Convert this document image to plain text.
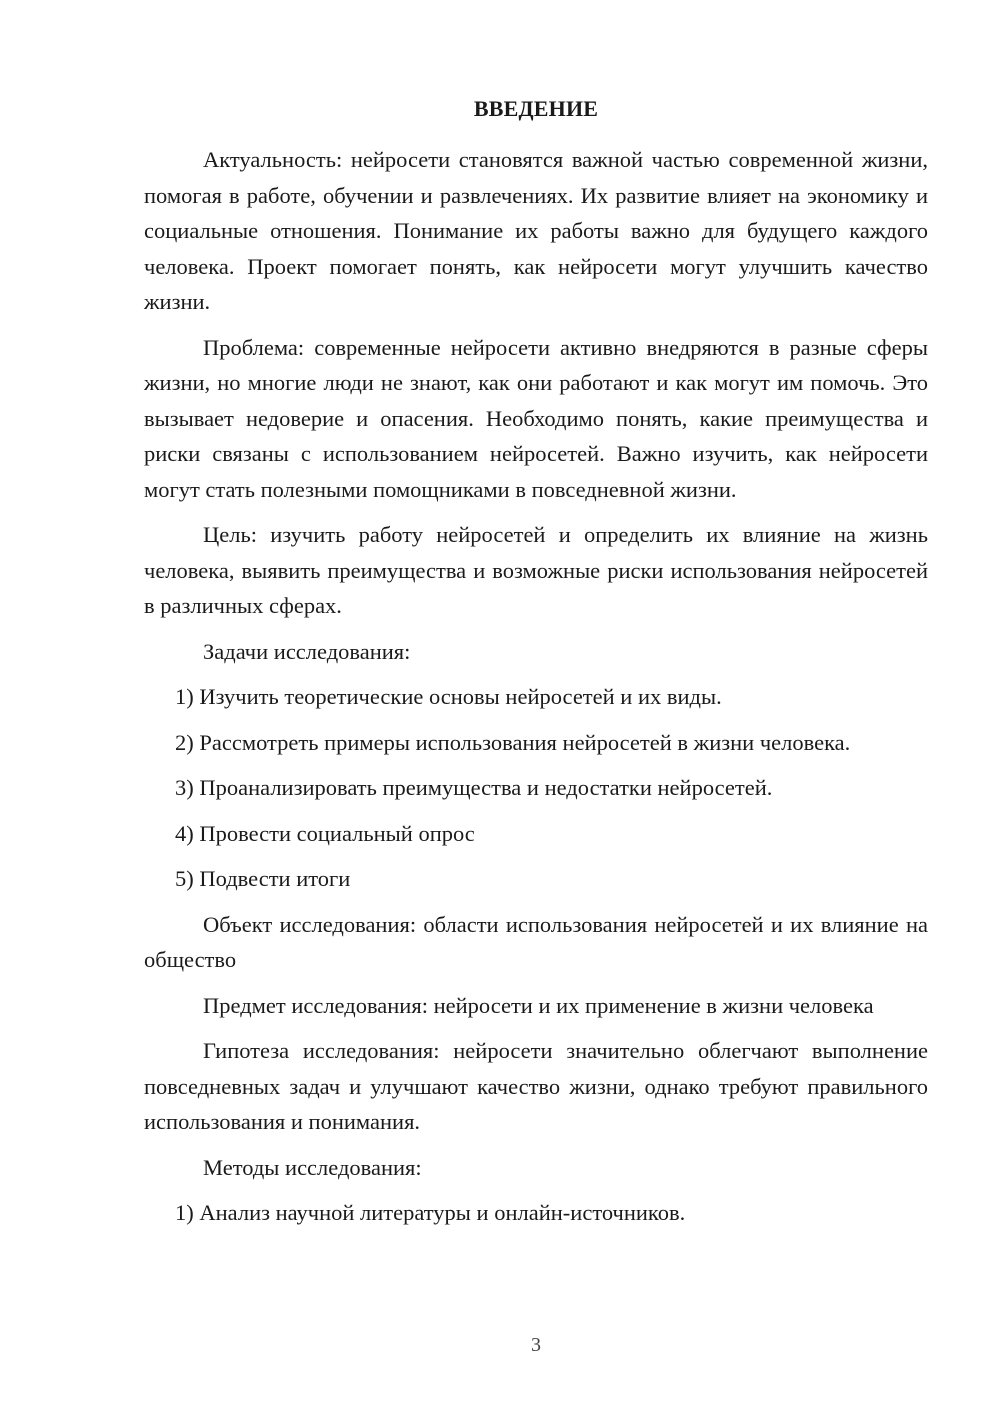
ВВЕДЕНИЕ

Актуальность: нейросети становятся важной частью современной жизни, помогая в работе, обучении и развлечениях. Их развитие влияет на экономику и социальные отношения. Понимание их работы важно для будущего каждого человека. Проект помогает понять, как нейросети могут улучшить качество жизни.

Проблема: современные нейросети активно внедряются в разные сферы жизни, но многие люди не знают, как они работают и как могут им помочь. Это вызывает недоверие и опасения. Необходимо понять, какие преимущества и риски связаны с использованием нейросетей. Важно изучить, как нейросети могут стать полезными помощниками в повседневной жизни.

Цель: изучить работу нейросетей и определить их влияние на жизнь человека, выявить преимущества и возможные риски использования нейросетей в различных сферах.

Задачи исследования:

1) Изучить теоретические основы нейросетей и их виды.

2) Рассмотреть примеры использования нейросетей в жизни человека.

3) Проанализировать преимущества и недостатки нейросетей.

4) Провести социальный опрос

5) Подвести итоги

Объект исследования: области использования нейросетей и их влияние на общество

Предмет исследования: нейросети и их применение в жизни человека

Гипотеза исследования: нейросети значительно облегчают выполнение повседневных задач и улучшают качество жизни, однако требуют правильного использования и понимания.

Методы исследования:

1) Анализ научной литературы и онлайн-источников.

3
